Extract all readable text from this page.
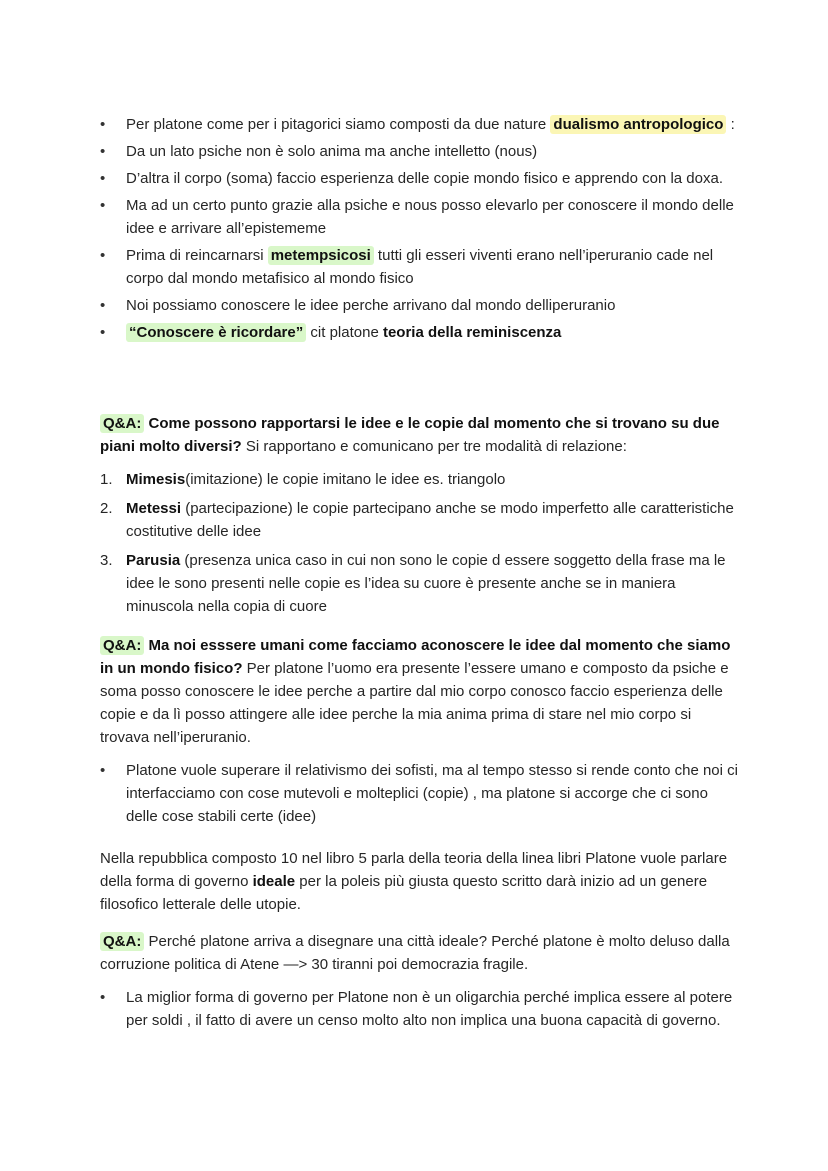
• Per platone come per i pitagorici siamo composti da due nature dualismo antropologico :
• Da un lato psiche non è solo anima ma anche intelletto (nous)
• D’altra il corpo (soma) faccio esperienza delle copie mondo fisico e apprendo con la doxa.
• Ma ad un certo punto grazie alla psiche e nous posso elevarlo per conoscere il mondo delle idee e arrivare all’epistememe
• Prima di reincarnarsi metempsicosi tutti gli esseri viventi erano nell’iperuranio cade nel corpo dal mondo metafisico al mondo fisico
• Noi possiamo conoscere le idee perche arrivano dal mondo delliperuranio
• “Conoscere è ricordare” cit platone teoria della reminiscenza

Q&A: Come possono rapportarsi le idee e le copie dal momento che si trovano su due piani molto diversi? Si rapportano e comunicano per tre modalità di relazione:

1. Mimesis(imitazione) le copie imitano le idee es. triangolo
2. Metessi (partecipazione) le copie partecipano anche se modo imperfetto alle caratteristiche costitutive delle idee
3. Parusia (presenza unica caso in cui non sono le copie d essere soggetto della frase ma le idee le sono presenti nelle copie es l’idea su cuore è presente anche se in maniera minuscola nella copia di cuore

Q&A: Ma noi esssere umani come facciamo aconoscere le idee dal momento che siamo in un mondo fisico? Per platone l’uomo era presente l’essere umano e composto da psiche e soma posso conoscere le idee perche a partire dal mio corpo conosco faccio esperienza delle copie e da lì posso attingere alle idee perche la mia anima prima di stare nel mio corpo si trovava nell’iperuranio.

• Platone vuole superare il relativismo dei sofisti, ma al tempo stesso si rende conto che noi ci interfacciamo con cose mutevoli e molteplici (copie) , ma platone si accorge che ci sono delle cose stabili certe (idee)

Nella repubblica composto 10 nel libro 5 parla della teoria della linea libri Platone vuole parlare della forma di governo ideale per la poleis più giusta questo scritto darà inizio ad un genere filosofico letterale delle utopie.

Q&A: Perché platone arriva a disegnare una città ideale? Perché platone è molto deluso dalla corruzione politica di Atene —> 30 tiranni poi democrazia fragile.

• La miglior forma di governo per Platone non è un oligarchia perché implica essere al potere per soldi , il fatto di avere un censo molto alto non implica una buona capacità di governo.
